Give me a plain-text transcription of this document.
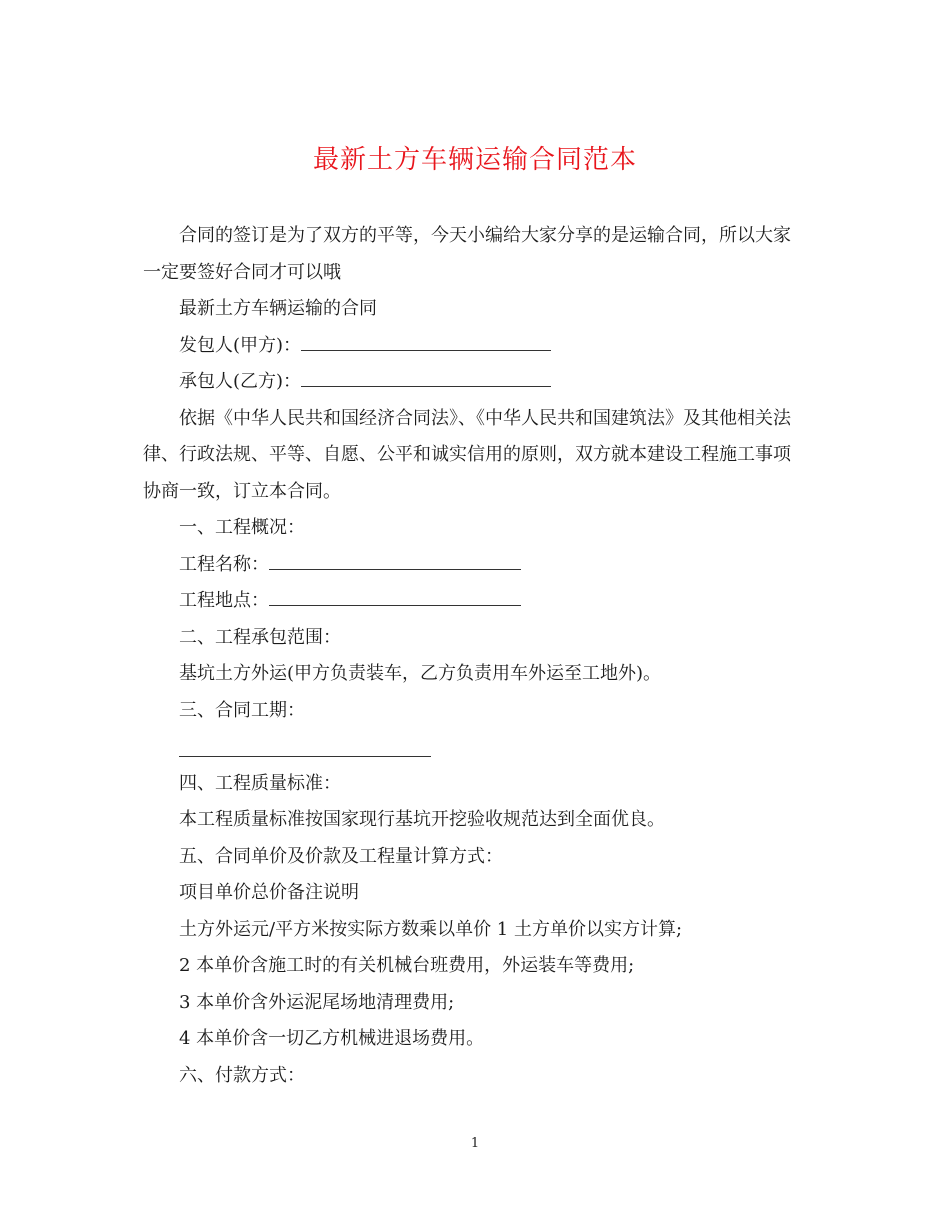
最新土方车辆运输合同范本

合同的签订是为了双方的平等，今天小编给大家分享的是运输合同，所以大家一定要签好合同才可以哦

最新土方车辆运输的合同

发包人(甲方)：

承包人(乙方)：

依据《中华人民共和国经济合同法》、《中华人民共和国建筑法》及其他相关法律、行政法规、平等、自愿、公平和诚实信用的原则，双方就本建设工程施工事项协商一致，订立本合同。

一、工程概况：

工程名称：

工程地点：

二、工程承包范围：

基坑土方外运(甲方负责装车，乙方负责用车外运至工地外)。

三、合同工期：

四、工程质量标准：

本工程质量标准按国家现行基坑开挖验收规范达到全面优良。

五、合同单价及价款及工程量计算方式：

项目单价总价备注说明

土方外运元/平方米按实际方数乘以单价 1 土方单价以实方计算;

2 本单价含施工时的有关机械台班费用，外运装车等费用;

3 本单价含外运泥尾场地清理费用;

4 本单价含一切乙方机械进退场费用。

六、付款方式：

1
